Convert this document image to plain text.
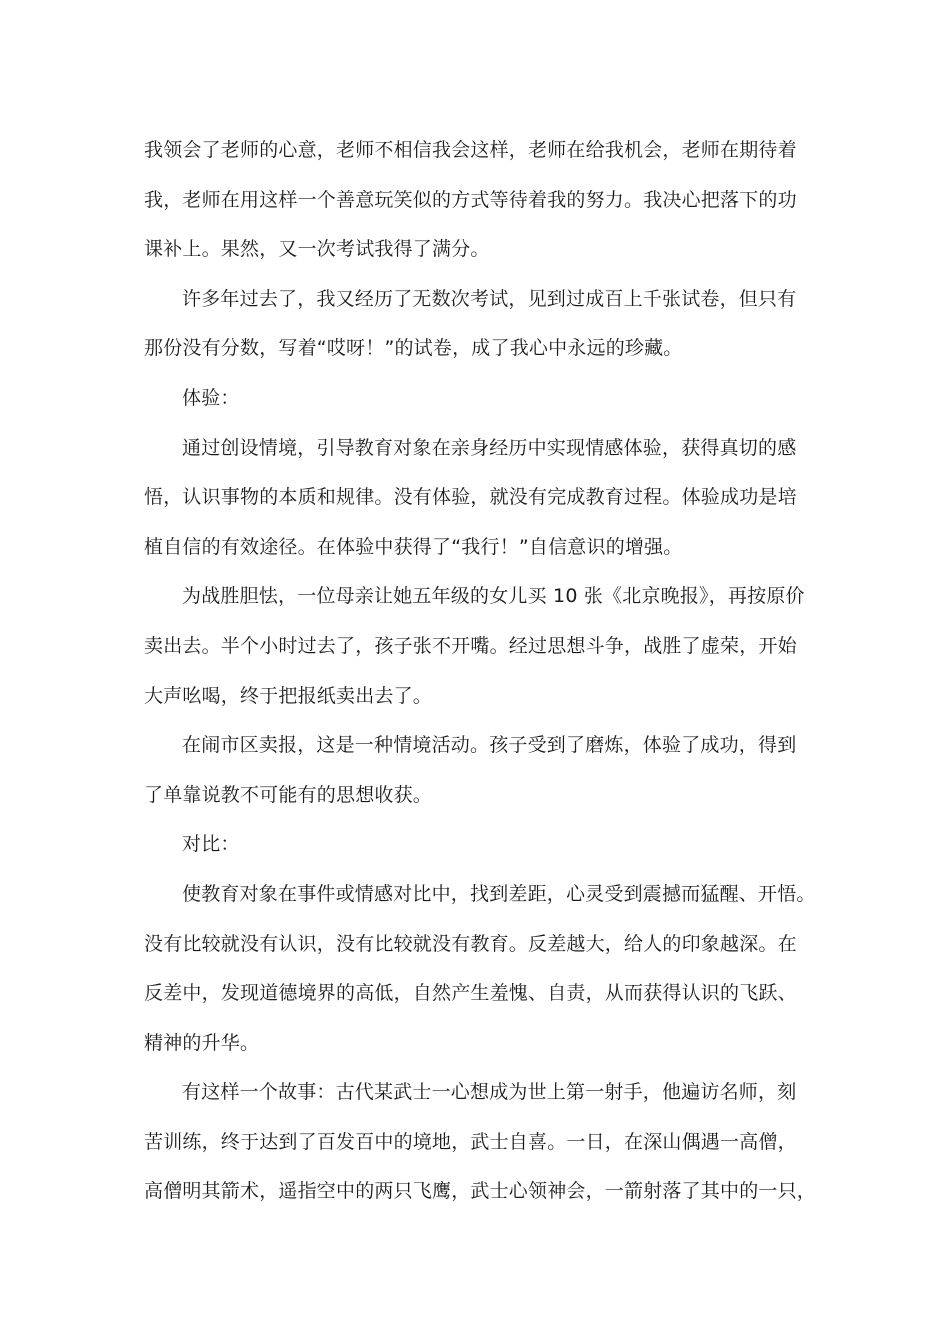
我领会了老师的心意，老师不相信我会这样，老师在给我机会，老师在期待着
我，老师在用这样一个善意玩笑似的方式等待着我的努力。我决心把落下的功
课补上。果然，又一次考试我得了满分。
许多年过去了，我又经历了无数次考试，见到过成百上千张试卷，但只有
那份没有分数，写着“哎呀！”的试卷，成了我心中永远的珍藏。
体验：
通过创设情境，引导教育对象在亲身经历中实现情感体验，获得真切的感
悟，认识事物的本质和规律。没有体验，就没有完成教育过程。体验成功是培
植自信的有效途径。在体验中获得了“我行！”自信意识的增强。
为战胜胆怯，一位母亲让她五年级的女儿买 10 张《北京晚报》，再按原价
卖出去。半个小时过去了，孩子张不开嘴。经过思想斗争，战胜了虚荣，开始
大声吆喝，终于把报纸卖出去了。
在闹市区卖报，这是一种情境活动。孩子受到了磨炼，体验了成功，得到
了单靠说教不可能有的思想收获。
对比：
使教育对象在事件或情感对比中，找到差距，心灵受到震撼而猛醒、开悟。
没有比较就没有认识，没有比较就没有教育。反差越大，给人的印象越深。在
反差中，发现道德境界的高低，自然产生羞愧、自责，从而获得认识的飞跃、
精神的升华。
有这样一个故事：古代某武士一心想成为世上第一射手，他遍访名师，刻
苦训练，终于达到了百发百中的境地，武士自喜。一日，在深山偶遇一高僧，
高僧明其箭术，遥指空中的两只飞鹰，武士心领神会，一箭射落了其中的一只，
